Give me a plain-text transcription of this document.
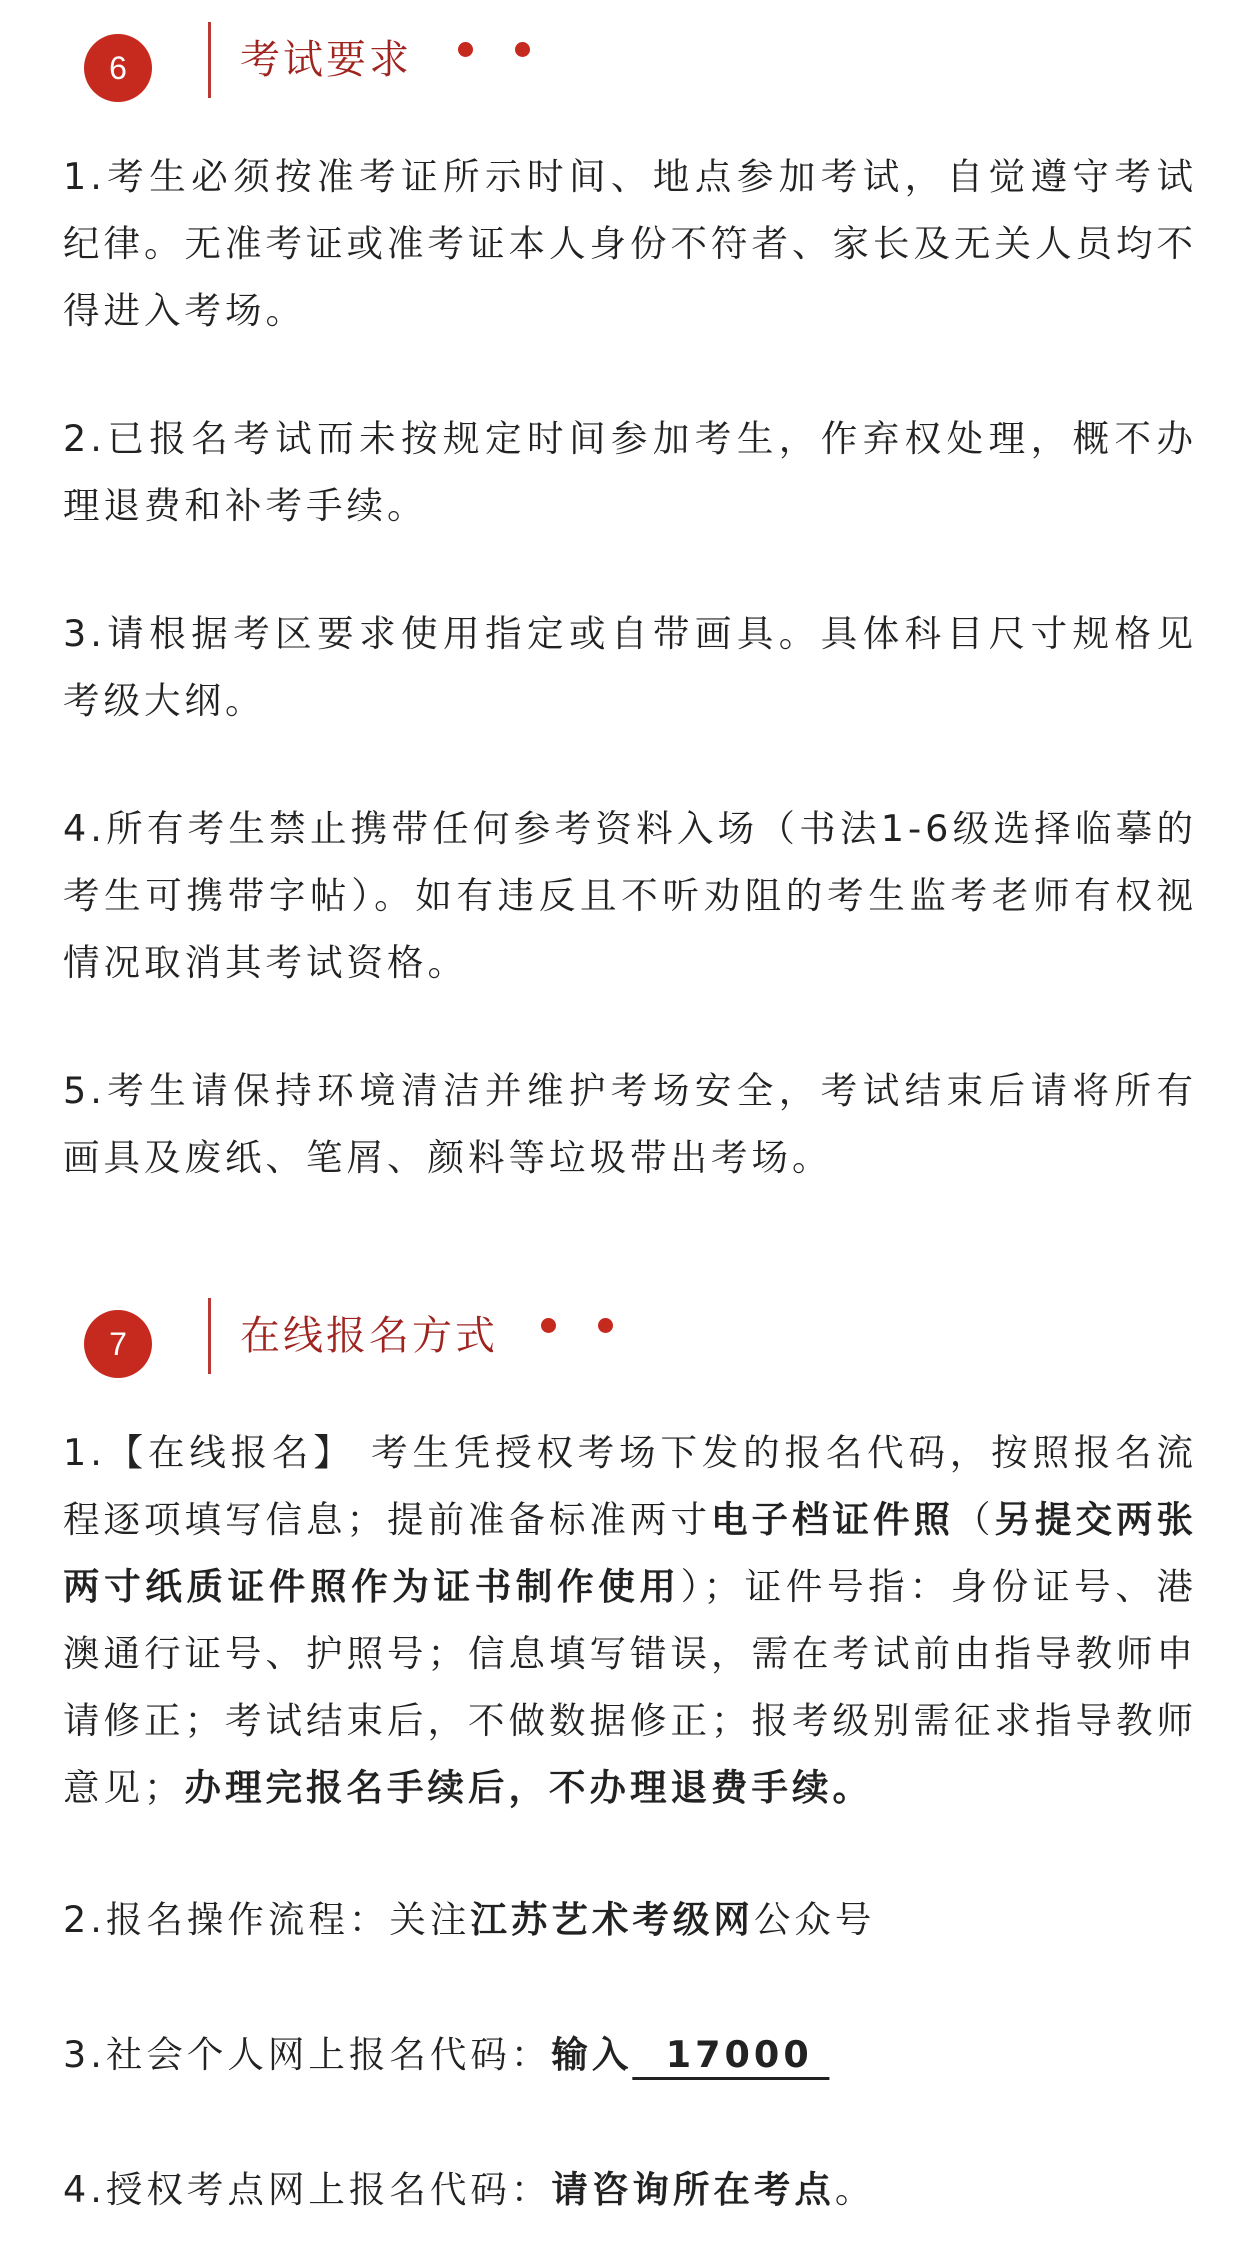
6	考试要求

1.考生必须按准考证所示时间、地点参加考试，自觉遵守考试纪律。无准考证或准考证本人身份不符者、家长及无关人员均不得进入考场。

2.已报名考试而未按规定时间参加考生，作弃权处理，概不办理退费和补考手续。

3.请根据考区要求使用指定或自带画具。具体科目尺寸规格见考级大纲。

4.所有考生禁止携带任何参考资料入场（书法1-6级选择临摹的考生可携带字帖）。如有违反且不听劝阻的考生监考老师有权视情况取消其考试资格。

5.考生请保持环境清洁并维护考场安全，考试结束后请将所有画具及废纸、笔屑、颜料等垃圾带出考场。

7	在线报名方式

1.【在线报名】 考生凭授权考场下发的报名代码，按照报名流程逐项填写信息；提前准备标准两寸电子档证件照（另提交两张两寸纸质证件照作为证书制作使用）；证件号指：身份证号、港澳通行证号、护照号；信息填写错误，需在考试前由指导教师申请修正；考试结束后，不做数据修正；报考级别需征求指导教师意见；办理完报名手续后，不办理退费手续。

2.报名操作流程：关注江苏艺术考级网公众号

3.社会个人网上报名代码：输入  17000

4.授权考点网上报名代码：请咨询所在考点。
